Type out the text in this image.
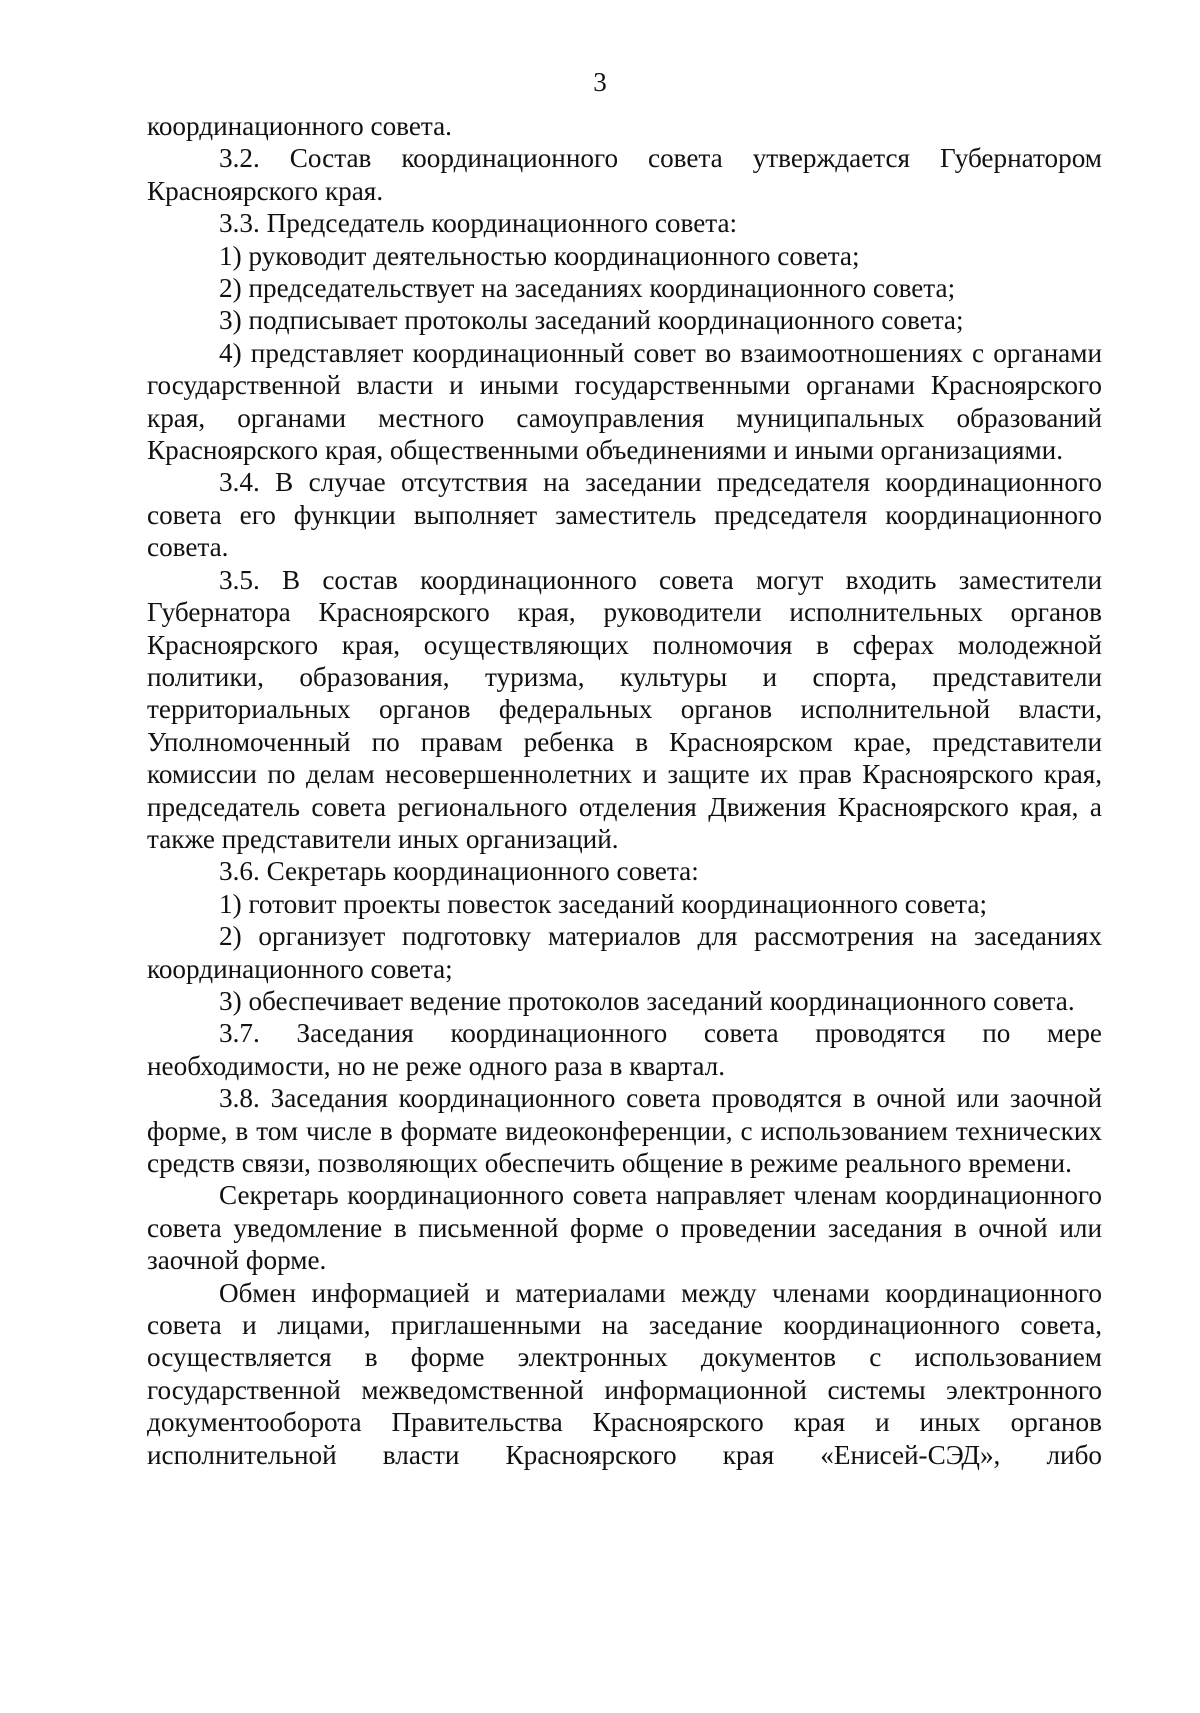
3

координационного совета.

3.2. Состав координационного совета утверждается Губернатором Красноярского края.

3.3. Председатель координационного совета:

1) руководит деятельностью координационного совета;

2) председательствует на заседаниях координационного совета;

3) подписывает протоколы заседаний координационного совета;

4) представляет координационный совет во взаимоотношениях с органами государственной власти и иными государственными органами Красноярского края, органами местного самоуправления муниципальных образований Красноярского края, общественными объединениями и иными организациями.

3.4. В случае отсутствия на заседании председателя координационного совета его функции выполняет заместитель председателя координационного совета.

3.5. В состав координационного совета могут входить заместители Губернатора Красноярского края, руководители исполнительных органов Красноярского края, осуществляющих полномочия в сферах молодежной политики, образования, туризма, культуры и спорта, представители территориальных органов федеральных органов исполнительной власти, Уполномоченный по правам ребенка в Красноярском крае, представители комиссии по делам несовершеннолетних и защите их прав Красноярского края, председатель совета регионального отделения Движения Красноярского края, а также представители иных организаций.

3.6. Секретарь координационного совета:

1) готовит проекты повесток заседаний координационного совета;

2) организует подготовку материалов для рассмотрения на заседаниях координационного совета;

3) обеспечивает ведение протоколов заседаний координационного совета.

3.7. Заседания координационного совета проводятся по мере необходимости, но не реже одного раза в квартал.

3.8. Заседания координационного совета проводятся в очной или заочной форме, в том числе в формате видеоконференции, с использованием технических средств связи, позволяющих обеспечить общение в режиме реального времени.

Секретарь координационного совета направляет членам координационного совета уведомление в письменной форме о проведении заседания в очной или заочной форме.

Обмен информацией и материалами между членами координационного совета и лицами, приглашенными на заседание координационного совета, осуществляется в форме электронных документов с использованием государственной межведомственной информационной системы электронного документооборота Правительства Красноярского края и иных органов исполнительной власти Красноярского края «Енисей-СЭД», либо
